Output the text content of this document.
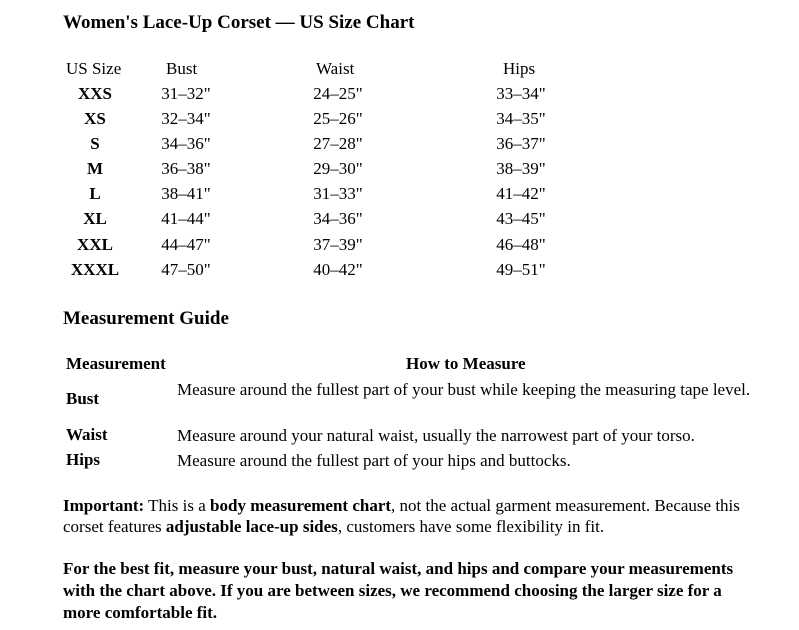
Women's Lace-Up Corset — US Size Chart
US Size	Bust	Waist	Hips
XXS	31–32"	24–25"	33–34"
XS	32–34"	25–26"	34–35"
S	34–36"	27–28"	36–37"
M	36–38"	29–30"	38–39"
L	38–41"	31–33"	41–42"
XL	41–44"	34–36"	43–45"
XXL	44–47"	37–39"	46–48"
XXXL	47–50"	40–42"	49–51"
Measurement Guide
Measurement	How to Measure
Bust	Measure around the fullest part of your bust while keeping the measuring tape level.
Waist	Measure around your natural waist, usually the narrowest part of your torso.
Hips	Measure around the fullest part of your hips and buttocks.
Important: This is a body measurement chart, not the actual garment measurement. Because this corset features adjustable lace-up sides, customers have some flexibility in fit.
For the best fit, measure your bust, natural waist, and hips and compare your measurements with the chart above. If you are between sizes, we recommend choosing the larger size for a more comfortable fit.
